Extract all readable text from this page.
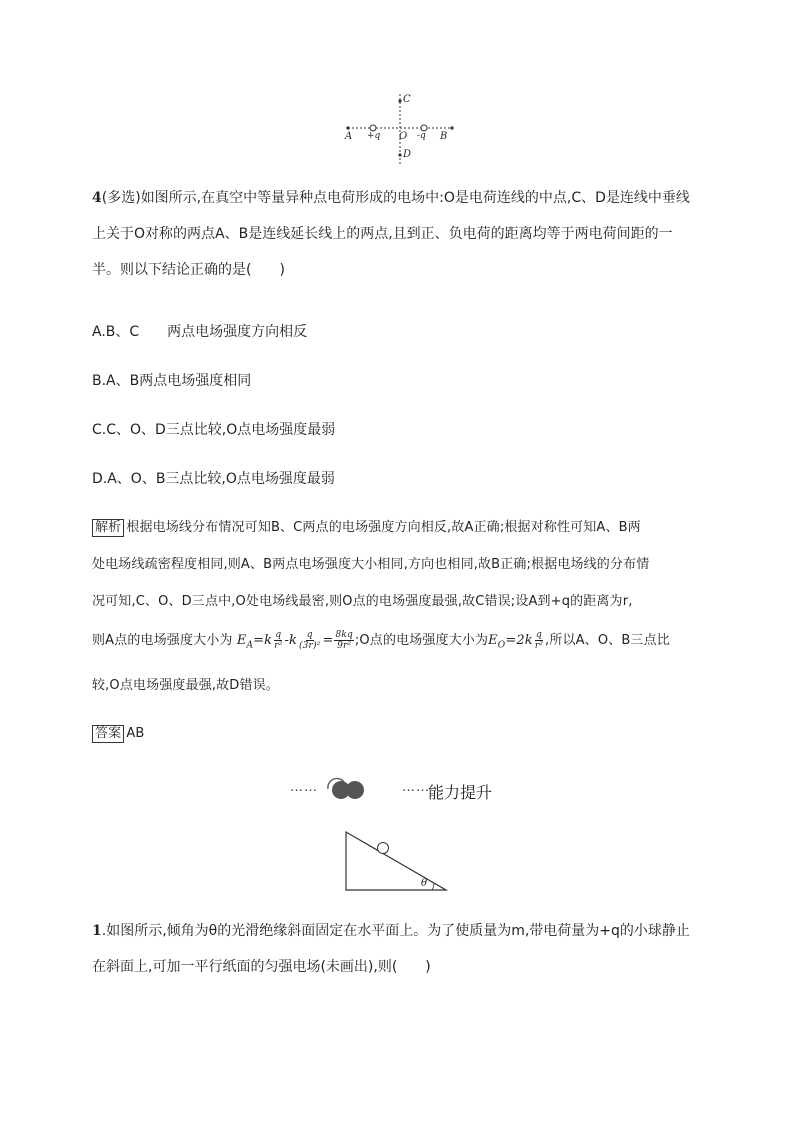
C
D
A +q O -q B
4(多选)如图所示,在真空中等量异种点电荷形成的电场中:O是电荷连线的中点,C、D是连线中垂线
上关于O对称的两点A、B是连线延长线上的两点,且到正、负电荷的距离均等于两电荷间距的一
半。则以下结论正确的是(　　)
A.B、C　　两点电场强度方向相反
B.A、B两点电场强度相同
C.C、O、D三点比较,O点电场强度最弱
D.A、O、B三点比较,O点电场强度最弱
解析 根据电场线分布情况可知B、C两点的电场强度方向相反,故A正确;根据对称性可知A、B两
处电场线疏密程度相同,则A、B两点电场强度大小相同,方向也相同,故B正确;根据电场线的分布情
况可知,C、O、D三点中,O处电场线最密,则O点的电场强度最强,故C错误;设A到+q的距离为r,
则A点的电场强度大小为 $E_A=k \frac{q}{\text{r²}} -k \frac{q}{\text{(3r)²}} = \frac{8kq}{\text{9r²}}$ ;O点的电场强度大小为$E_O=2k \frac{q}{\text{r²}}$ ,所以A、O、B三点比
较,O点电场强度最强,故D错误。
答案 AB
……	……
能力提升
θ
1.如图所示,倾角为θ的光滑绝缘斜面固定在水平面上。为了使质量为m,带电荷量为+q的小球静止
在斜面上,可加一平行纸面的匀强电场(未画出),则(　　)
